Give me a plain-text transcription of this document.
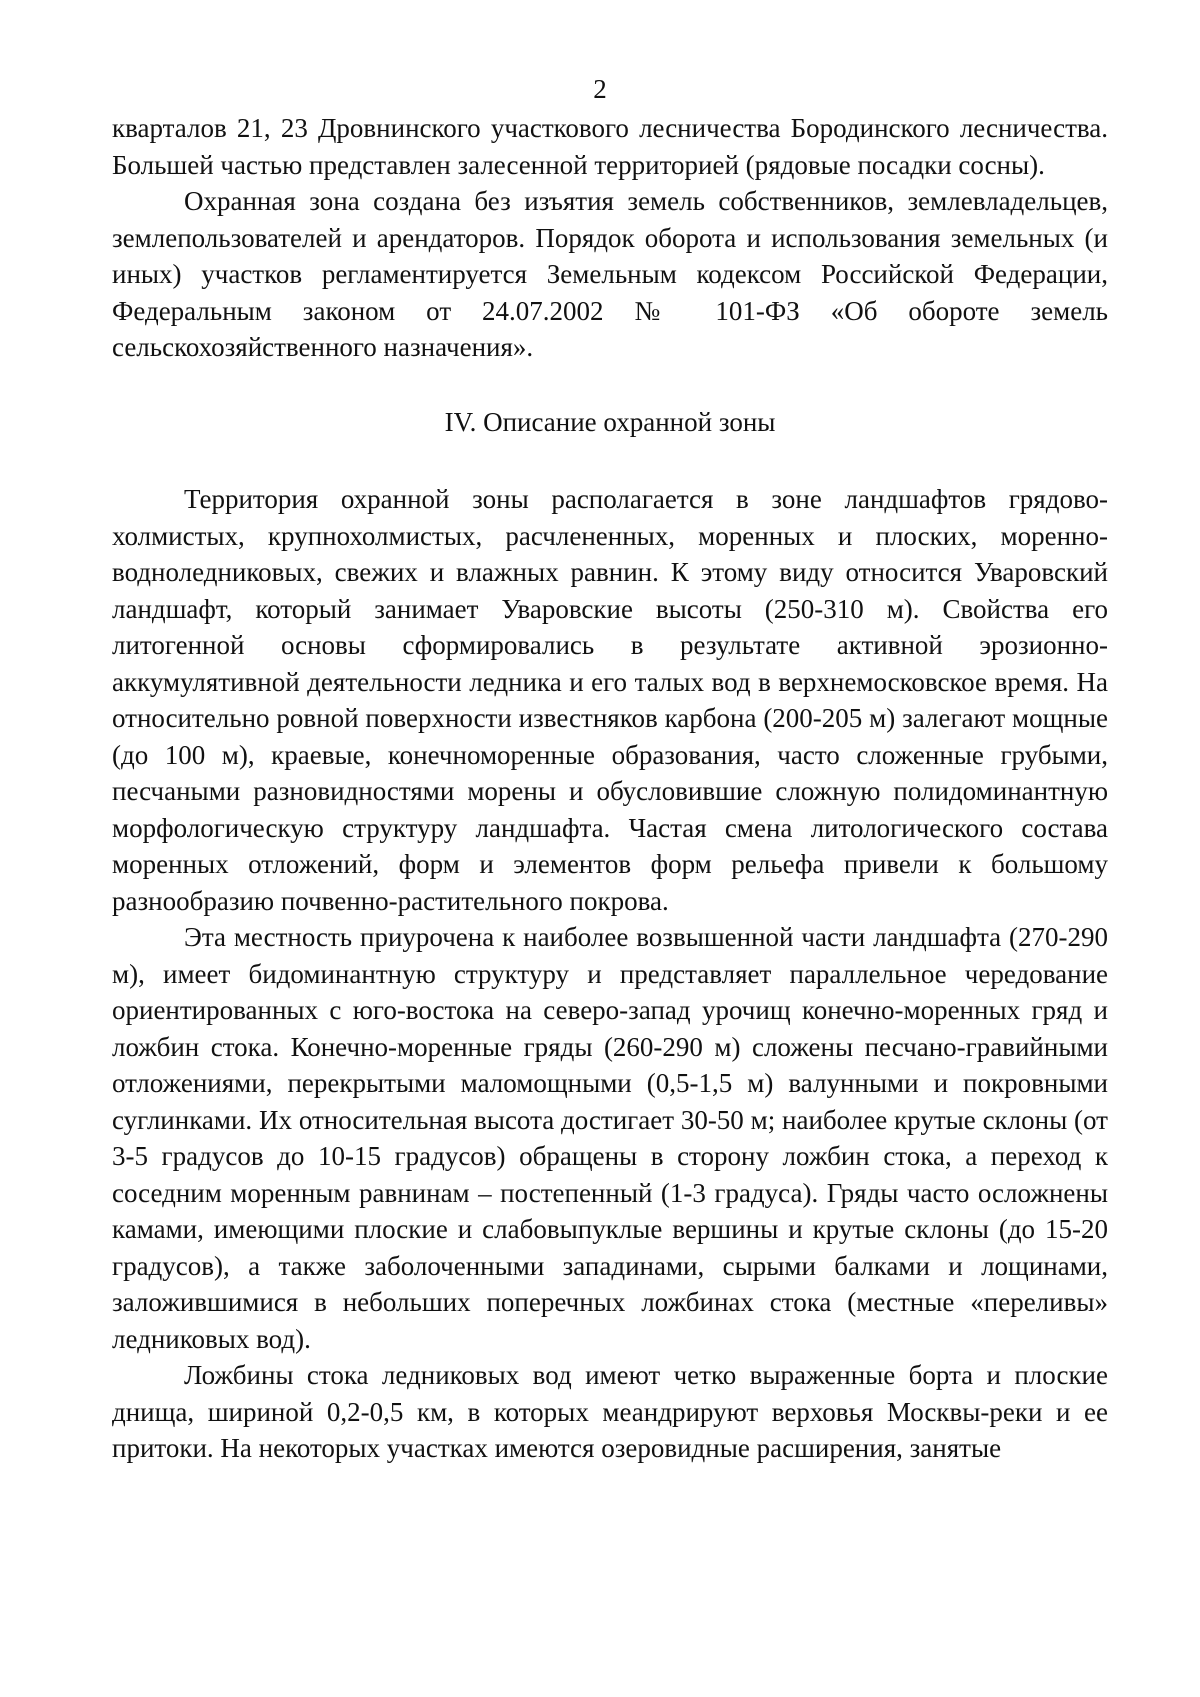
2

кварталов 21, 23 Дровнинского участкового лесничества Бородинского лесничества. Большей частью представлен залесенной территорией (рядовые посадки сосны).

Охранная зона создана без изъятия земель собственников, землевладельцев, землепользователей и арендаторов. Порядок оборота и использования земельных (и иных) участков регламентируется Земельным кодексом Российской Федерации, Федеральным законом от 24.07.2002 № 101-ФЗ «Об обороте земель сельскохозяйственного назначения».

IV. Описание охранной зоны

Территория охранной зоны располагается в зоне ландшафтов грядово-холмистых, крупнохолмистых, расчлененных, моренных и плоских, моренно-водноледниковых, свежих и влажных равнин. К этому виду относится Уваровский ландшафт, который занимает Уваровские высоты (250-310 м). Свойства его литогенной основы сформировались в результате активной эрозионно-аккумулятивной деятельности ледника и его талых вод в верхнемосковское время. На относительно ровной поверхности известняков карбона (200-205 м) залегают мощные (до 100 м), краевые, конечноморенные образования, часто сложенные грубыми, песчаными разновидностями морены и обусловившие сложную полидоминантную морфологическую структуру ландшафта. Частая смена литологического состава моренных отложений, форм и элементов форм рельефа привели к большому разнообразию почвенно-растительного покрова.

Эта местность приурочена к наиболее возвышенной части ландшафта (270-290 м), имеет бидоминантную структуру и представляет параллельное чередование ориентированных с юго-востока на северо-запад урочищ конечно-моренных гряд и ложбин стока. Конечно-моренные гряды (260-290 м) сложены песчано-гравийными отложениями, перекрытыми маломощными (0,5-1,5 м) валунными и покровными суглинками. Их относительная высота достигает 30-50 м; наиболее крутые склоны (от 3-5 градусов до 10-15 градусов) обращены в сторону ложбин стока, а переход к соседним моренным равнинам – постепенный (1-3 градуса). Гряды часто осложнены камами, имеющими плоские и слабовыпуклые вершины и крутые склоны (до 15-20 градусов), а также заболоченными западинами, сырыми балками и лощинами, заложившимися в небольших поперечных ложбинах стока (местные «переливы» ледниковых вод).

Ложбины стока ледниковых вод имеют четко выраженные борта и плоские днища, шириной 0,2-0,5 км, в которых меандрируют верховья Москвы-реки и ее притоки. На некоторых участках имеются озеровидные расширения, занятые
